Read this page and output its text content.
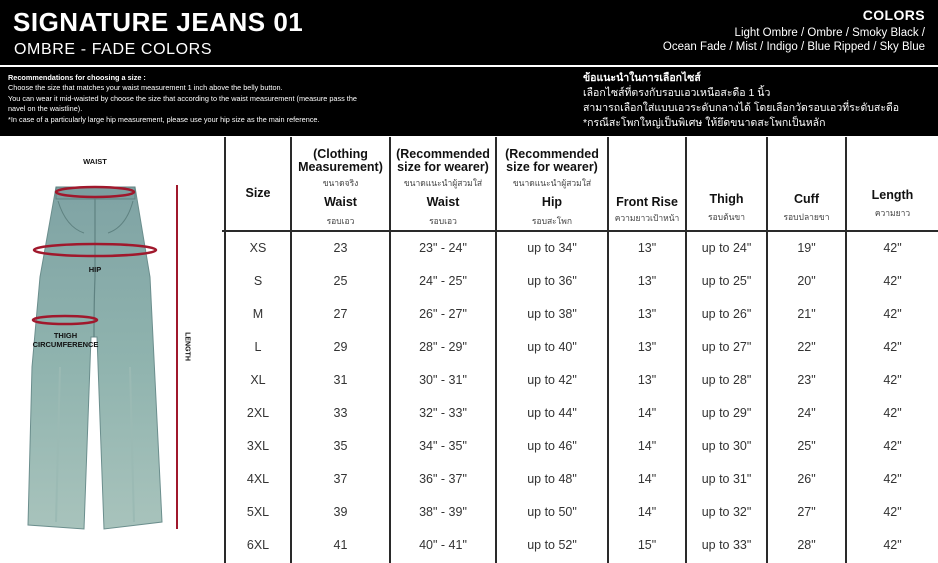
SIGNATURE JEANS 01
OMBRE - FADE COLORS
COLORS
Light Ombre / Ombre / Smoky Black /
Ocean Fade / Mist / Indigo / Blue Ripped / Sky Blue
Recommendations for choosing a size :
Choose the size that matches your waist measurement 1 inch above the belly button.
You can wear it mid-waisted by choose the size that according to the waist measurement (measure pass the
navel on the waistline).
*In case of a particularly large hip measurement, please use your hip size as the main reference.
ข้อแนะนำในการเลือกไซส์
เลือกไซส์ที่ตรงกับรอบเอวเหนือสะดือ 1 นิ้ว
สามารถเลือกใส่แบบเอวระดับกลางได้ โดยเลือกวัดรอบเอวที่ระดับสะดือ
*กรณีสะโพกใหญ่เป็นพิเศษ ให้ยึดขนาดสะโพกเป็นหลัก
WAIST
HIP
THIGH
CIRCUMFERENCE	LENGTH
Size
(Clothing Measurement)
ขนาดจริง
Waist
รอบเอว
(Recommended size for wearer)
ขนาดแนะนำผู้สวมใส่
Waist
รอบเอว
(Recommended size for wearer)
ขนาดแนะนำผู้สวมใส่
Hip
รอบสะโพก
Front Rise
ความยาวเป้าหน้า
Thigh
รอบต้นขา
Cuff
รอบปลายขา
Length
ความยาว
XS	23	23" - 24"	up to 34"	13"	up to 24"	19"	42"
S	25	24" - 25"	up to 36"	13"	up to 25"	20"	42"
M	27	26" - 27"	up to 38"	13"	up to 26"	21"	42"
L	29	28" - 29"	up to 40"	13"	up to 27"	22"	42"
XL	31	30" - 31"	up to 42"	13"	up to 28"	23"	42"
2XL	33	32" - 33"	up to 44"	14"	up to 29"	24"	42"
3XL	35	34" - 35"	up to 46"	14"	up to 30"	25"	42"
4XL	37	36" - 37"	up to 48"	14"	up to 31"	26"	42"
5XL	39	38" - 39"	up to 50"	14"	up to 32"	27"	42"
6XL	41	40" - 41"	up to 52"	15"	up to 33"	28"	42"
